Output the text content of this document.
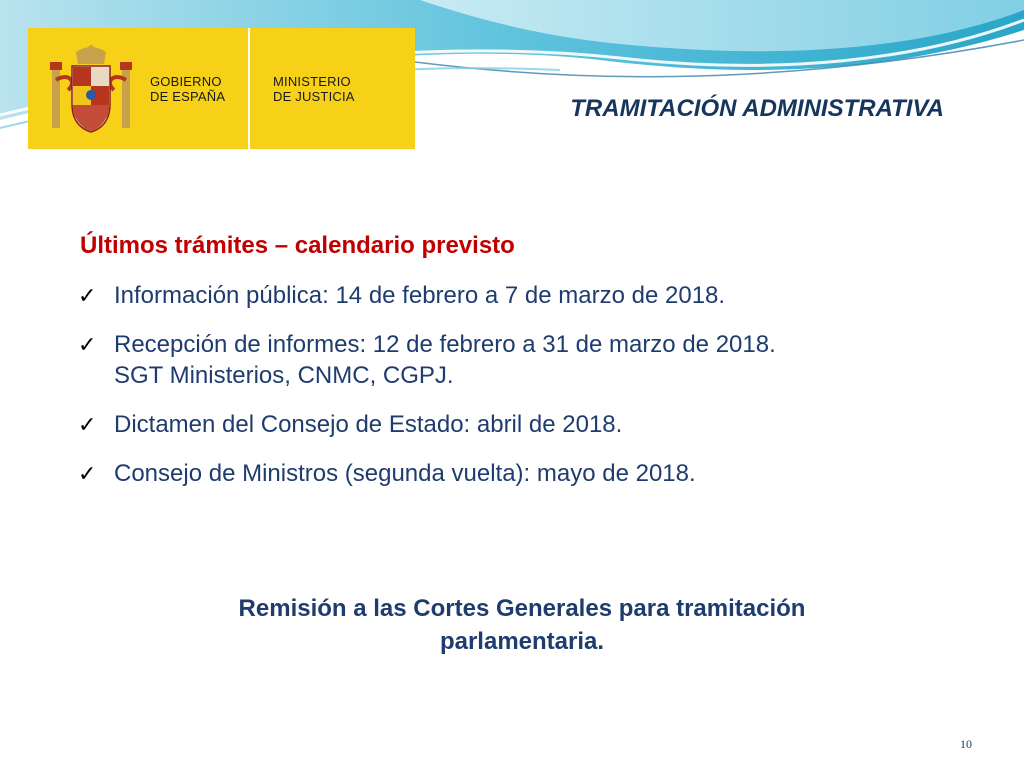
GOBIERNO
DE ESPAÑA
MINISTERIO
DE JUSTICIA	TRAMITACIÓN ADMINISTRATIVA
Últimos trámites – calendario previsto
✓ Información pública: 14 de febrero a 7 de marzo de 2018.
✓ Recepción de informes: 12 de febrero a 31 de marzo de 2018.
SGT Ministerios, CNMC, CGPJ.
✓ Dictamen del Consejo de Estado: abril de 2018.
✓ Consejo de Ministros (segunda vuelta): mayo de 2018.
Remisión a las Cortes Generales para tramitación
parlamentaria.
10
